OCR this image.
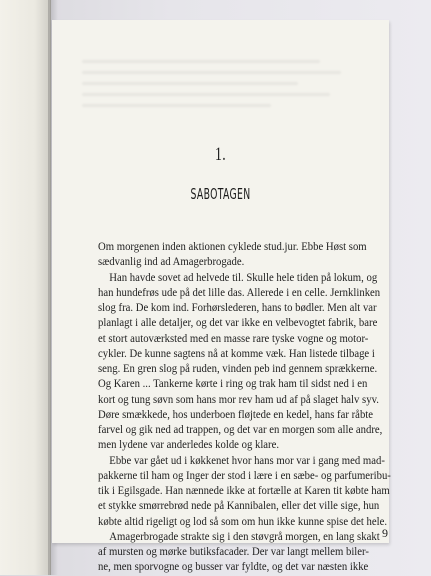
1.
SABOTAGEN
Om morgenen inden aktionen cyklede stud.jur. Ebbe Høst som
sædvanlig ind ad Amagerbrogade.
Han havde sovet ad helvede til. Skulle hele tiden på lokum, og
han hundefrøs ude på det lille das. Allerede i en celle. Jernklinken
slog fra. De kom ind. Forhørslederen, hans to bødler. Men alt var
planlagt i alle detaljer, og det var ikke en velbevogtet fabrik, bare
et stort autoværksted med en masse rare tyske vogne og motor-
cykler. De kunne sagtens nå at komme væk. Han listede tilbage i
seng. En gren slog på ruden, vinden peb ind gennem sprækkerne.
Og Karen ... Tankerne kørte i ring og trak ham til sidst ned i en
kort og tung søvn som hans mor rev ham ud af på slaget halv syv.
Døre smækkede, hos underboen fløjtede en kedel, hans far råbte
farvel og gik ned ad trappen, og det var en morgen som alle andre,
men lydene var anderledes kolde og klare.
Ebbe var gået ud i køkkenet hvor hans mor var i gang med mad-
pakkerne til ham og Inger der stod i lære i en sæbe- og parfumeribu-
tik i Egilsgade. Han nænnede ikke at fortælle at Karen tit købte ham
et stykke smørrebrød nede på Kannibalen, eller det ville sige, hun
købte altid rigeligt og lod så som om hun ikke kunne spise det hele.
Amagerbrogade strakte sig i den støvgrå morgen, en lang skakt
af mursten og mørke butiksfacader. Der var langt mellem biler-
ne, men sporvogne og busser var fyldte, og det var næsten ikke
9
